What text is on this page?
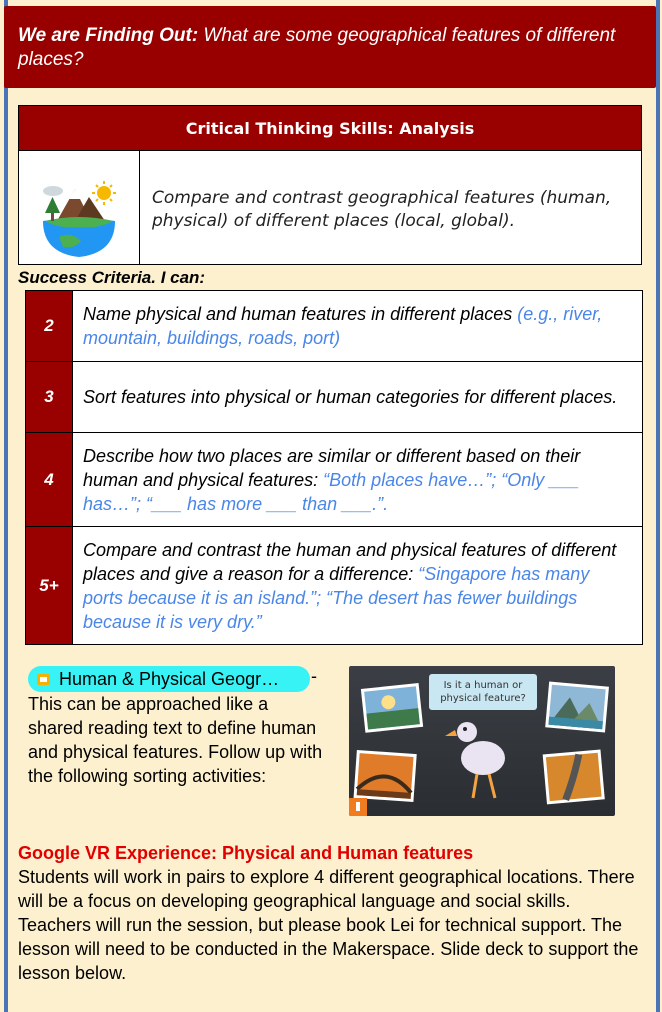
We are Finding Out: What are some geographical features of different places?
Critical Thinking Skills: Analysis
Compare and contrast geographical features (human, physical) of different places (local, global).
Success Criteria. I can:
2	Name physical and human features in different places (e.g., river, mountain, buildings, roads, port)
3	Sort features into physical or human categories for different places.
4	Describe how two places are similar or different based on their human and physical features: “Both places have…”; “Only ___ has…”; “___ has more ___ than ___.”.
5+	Compare and contrast the human and physical features of different places and give a reason for a difference: “Singapore has many ports because it is an island.”; “The desert has fewer buildings because it is very dry.”
Human & Physical Geogr… -
This can be approached like a shared reading text to define human and physical features. Follow up with the following sorting activities:
Is it a human or
physical feature?
Google VR Experience: Physical and Human features
Students will work in pairs to explore 4 different geographical locations. There will be a focus on developing geographical language and social skills. Teachers will run the session, but please book Lei for technical support. The lesson will need to be conducted in the Makerspace. Slide deck to support the lesson below.
